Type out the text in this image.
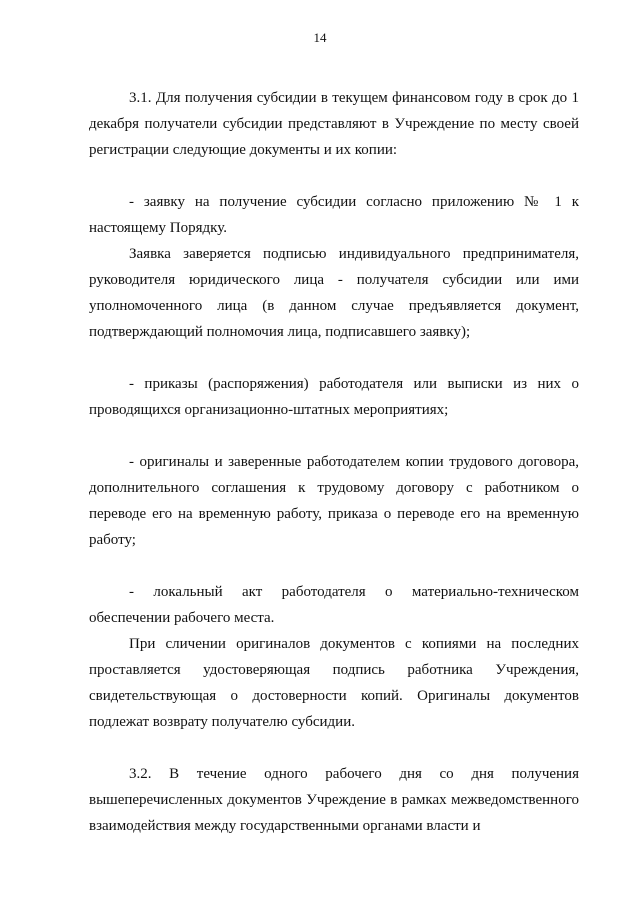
14

3.1. Для получения субсидии в текущем финансовом году в срок до 1 декабря получатели субсидии представляют в Учреждение по месту своей регистрации следующие документы и их копии:

- заявку на получение субсидии согласно приложению № 1 к настоящему Порядку.

Заявка заверяется подписью индивидуального предпринимателя, руководителя юридического лица - получателя субсидии или ими уполномоченного лица (в данном случае предъявляется документ, подтверждающий полномочия лица, подписавшего заявку);

- приказы (распоряжения) работодателя или выписки из них о проводящихся организационно-штатных мероприятиях;

- оригиналы и заверенные работодателем копии трудового договора, дополнительного соглашения к трудовому договору с работником о переводе его на временную работу, приказа о переводе его на временную работу;

- локальный акт работодателя о материально-техническом обеспечении рабочего места.

При сличении оригиналов документов с копиями на последних проставляется удостоверяющая подпись работника Учреждения, свидетельствующая о достоверности копий. Оригиналы документов подлежат возврату получателю субсидии.

3.2. В течение одного рабочего дня со дня получения вышеперечисленных документов Учреждение в рамках межведомственного взаимодействия между государственными органами власти и
